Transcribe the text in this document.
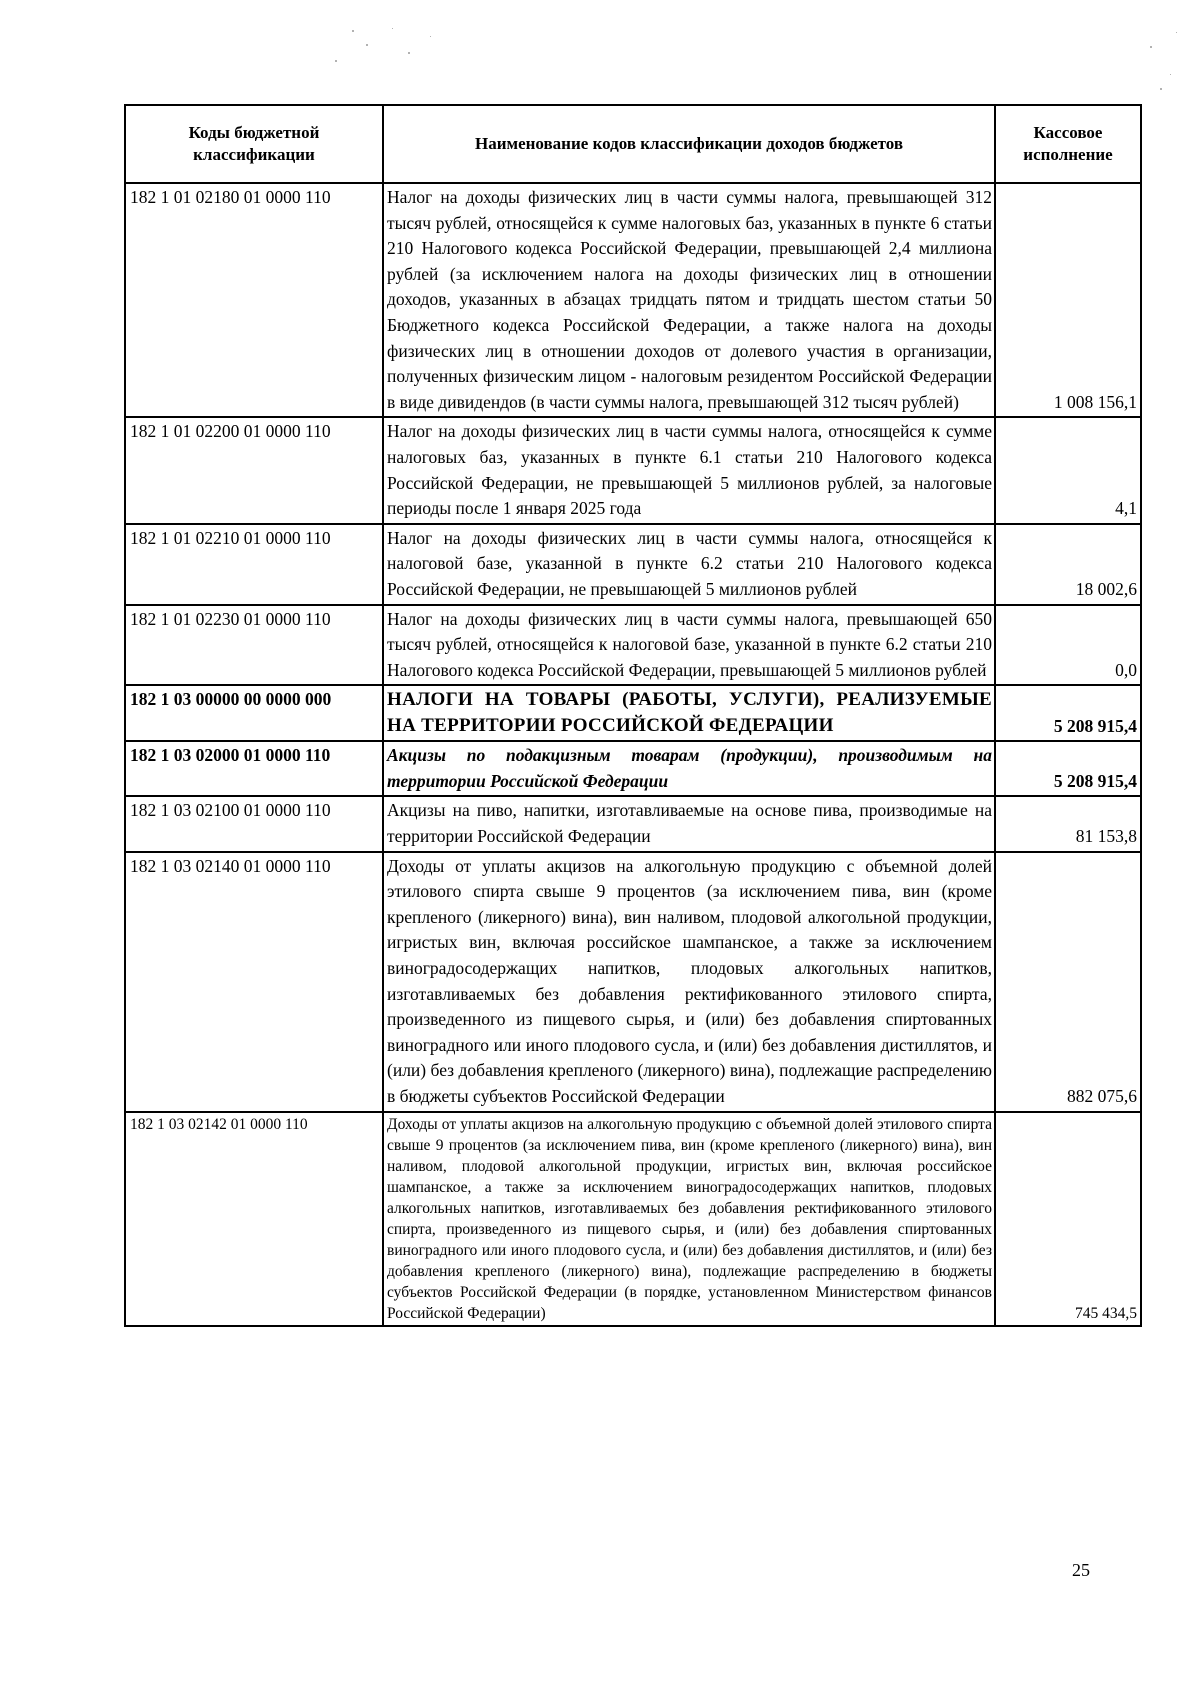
Коды бюджетной классификации	Наименование кодов классификации доходов бюджетов	Кассовое исполнение
182 1 01 02180 01 0000 110	Налог на доходы физических лиц в части суммы налога, превышающей 312 тысяч рублей, относящейся к сумме налоговых баз, указанных в пункте 6 статьи 210 Налогового кодекса Российской Федерации, превышающей 2,4 миллиона рублей (за исключением налога на доходы физических лиц в отношении доходов, указанных в абзацах тридцать пятом и тридцать шестом статьи 50 Бюджетного кодекса Российской Федерации, а также налога на доходы физических лиц в отношении доходов от долевого участия в организации, полученных физическим лицом - налоговым резидентом Российской Федерации в виде дивидендов (в части суммы налога, превышающей 312 тысяч рублей)	1 008 156,1
182 1 01 02200 01 0000 110	Налог на доходы физических лиц в части суммы налога, относящейся к сумме налоговых баз, указанных в пункте 6.1 статьи 210 Налогового кодекса Российской Федерации, не превышающей 5 миллионов рублей, за налоговые периоды после 1 января 2025 года	4,1
182 1 01 02210 01 0000 110	Налог на доходы физических лиц в части суммы налога, относящейся к налоговой базе, указанной в пункте 6.2 статьи 210 Налогового кодекса Российской Федерации, не превышающей 5 миллионов рублей	18 002,6
182 1 01 02230 01 0000 110	Налог на доходы физических лиц в части суммы налога, превышающей 650 тысяч рублей, относящейся к налоговой базе, указанной в пункте 6.2 статьи 210 Налогового кодекса Российской Федерации, превышающей 5 миллионов рублей	0,0
182 1 03 00000 00 0000 000	НАЛОГИ НА ТОВАРЫ (РАБОТЫ, УСЛУГИ), РЕАЛИЗУЕМЫЕ НА ТЕРРИТОРИИ РОССИЙСКОЙ ФЕДЕРАЦИИ	5 208 915,4
182 1 03 02000 01 0000 110	Акцизы по подакцизным товарам (продукции), производимым на территории Российской Федерации	5 208 915,4
182 1 03 02100 01 0000 110	Акцизы на пиво, напитки, изготавливаемые на основе пива, производимые на территории Российской Федерации	81 153,8
182 1 03 02140 01 0000 110	Доходы от уплаты акцизов на алкогольную продукцию с объемной долей этилового спирта свыше 9 процентов (за исключением пива, вин (кроме крепленого (ликерного) вина), вин наливом, плодовой алкогольной продукции, игристых вин, включая российское шампанское, а также за исключением виноградосодержащих напитков, плодовых алкогольных напитков, изготавливаемых без добавления ректификованного этилового спирта, произведенного из пищевого сырья, и (или) без добавления спиртованных виноградного или иного плодового сусла, и (или) без добавления дистиллятов, и (или) без добавления крепленого (ликерного) вина), подлежащие распределению в бюджеты субъектов Российской Федерации	882 075,6
182 1 03 02142 01 0000 110	Доходы от уплаты акцизов на алкогольную продукцию с объемной долей этилового спирта свыше 9 процентов (за исключением пива, вин (кроме крепленого (ликерного) вина), вин наливом, плодовой алкогольной продукции, игристых вин, включая российское шампанское, а также за исключением виноградосодержащих напитков, плодовых алкогольных напитков, изготавливаемых без добавления ректификованного этилового спирта, произведенного из пищевого сырья, и (или) без добавления спиртованных виноградного или иного плодового сусла, и (или) без добавления дистиллятов, и (или) без добавления крепленого (ликерного) вина), подлежащие распределению в бюджеты субъектов Российской Федерации (в порядке, установленном Министерством финансов Российской Федерации)	745 434,5
25
